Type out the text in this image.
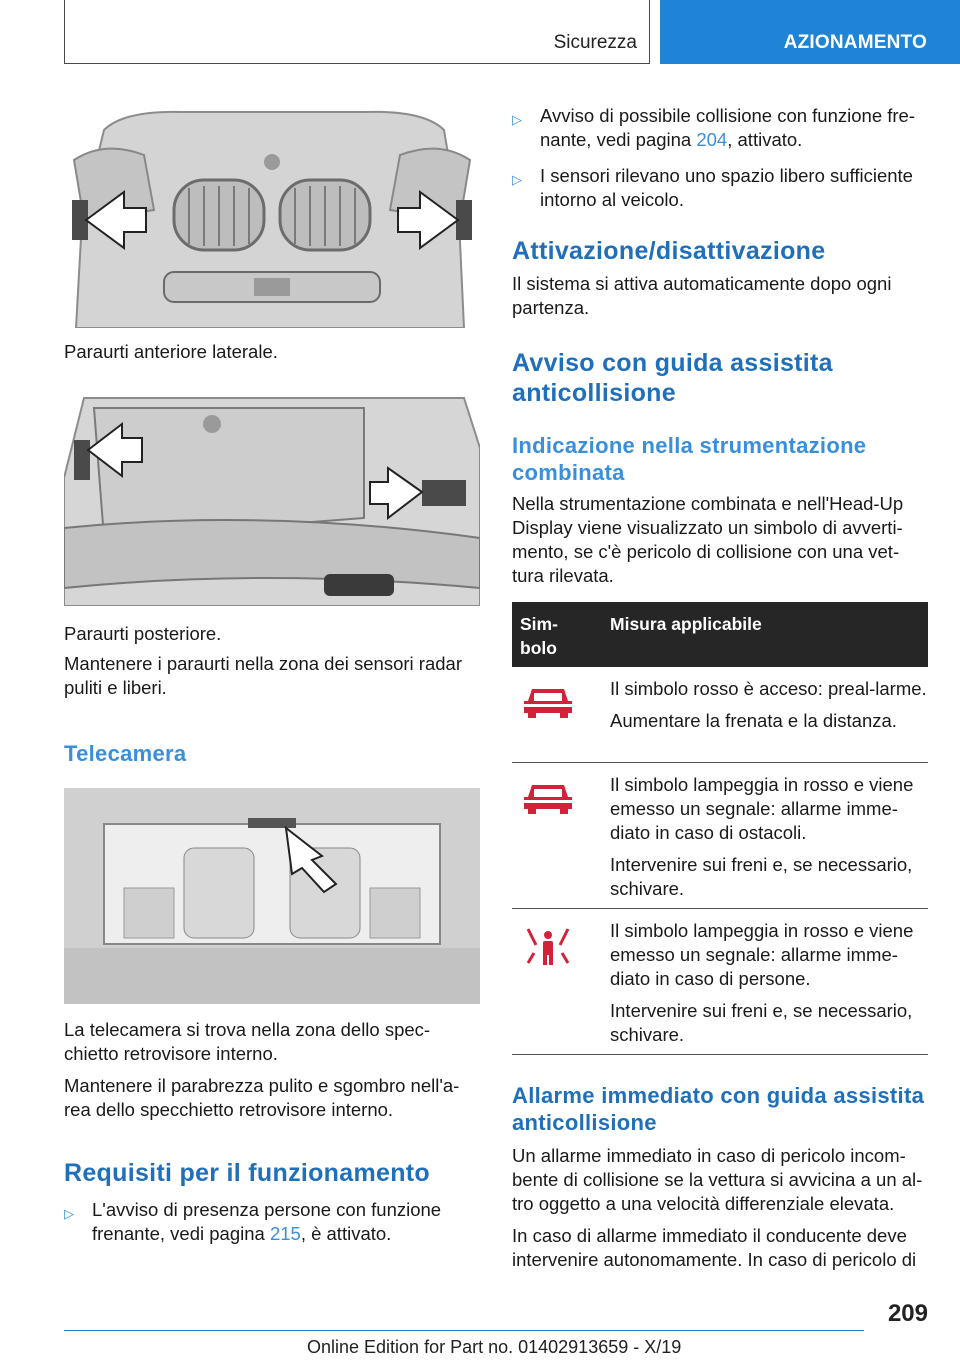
Sicurezza	AZIONAMENTO

Paraurti anteriore laterale.

Paraurti posteriore.

Mantenere i paraurti nella zona dei sensori radar puliti e liberi.

Telecamera

La telecamera si trova nella zona dello spec-chietto retrovisore interno.

Mantenere il parabrezza pulito e sgombro nell'a-rea dello specchietto retrovisore interno.

Requisiti per il funzionamento
▷ L'avviso di presenza persone con funzione frenante, vedi pagina 215, è attivato.
▷ Avviso di possibile collisione con funzione fre-nante, vedi pagina 204, attivato.
▷ I sensori rilevano uno spazio libero sufficiente intorno al veicolo.
Attivazione/disattivazione

Il sistema si attiva automaticamente dopo ogni partenza.

Avviso con guida assistita anticollisione
Indicazione nella strumentazione combinata

Nella strumentazione combinata e nell'Head-Up Display viene visualizzato un simbolo di avverti-mento, se c'è pericolo di collisione con una vet-tura rilevata.

Sim-bolo
Misura applicabile

Il simbolo rosso è acceso: preal-larme.

Aumentare la frenata e la distanza.

Il simbolo lampeggia in rosso e viene emesso un segnale: allarme imme-diato in caso di ostacoli.

Intervenire sui freni e, se necessario, schivare.

Il simbolo lampeggia in rosso e viene emesso un segnale: allarme imme-diato in caso di persone.

Intervenire sui freni e, se necessario, schivare.

Allarme immediato con guida assistita anticollisione

Un allarme immediato in caso di pericolo incom-bente di collisione se la vettura si avvicina a un al-tro oggetto a una velocità differenziale elevata.

In caso di allarme immediato il conducente deve intervenire autonomamente. In caso di pericolo di

209
Online Edition for Part no. 01402913659 - X/19
